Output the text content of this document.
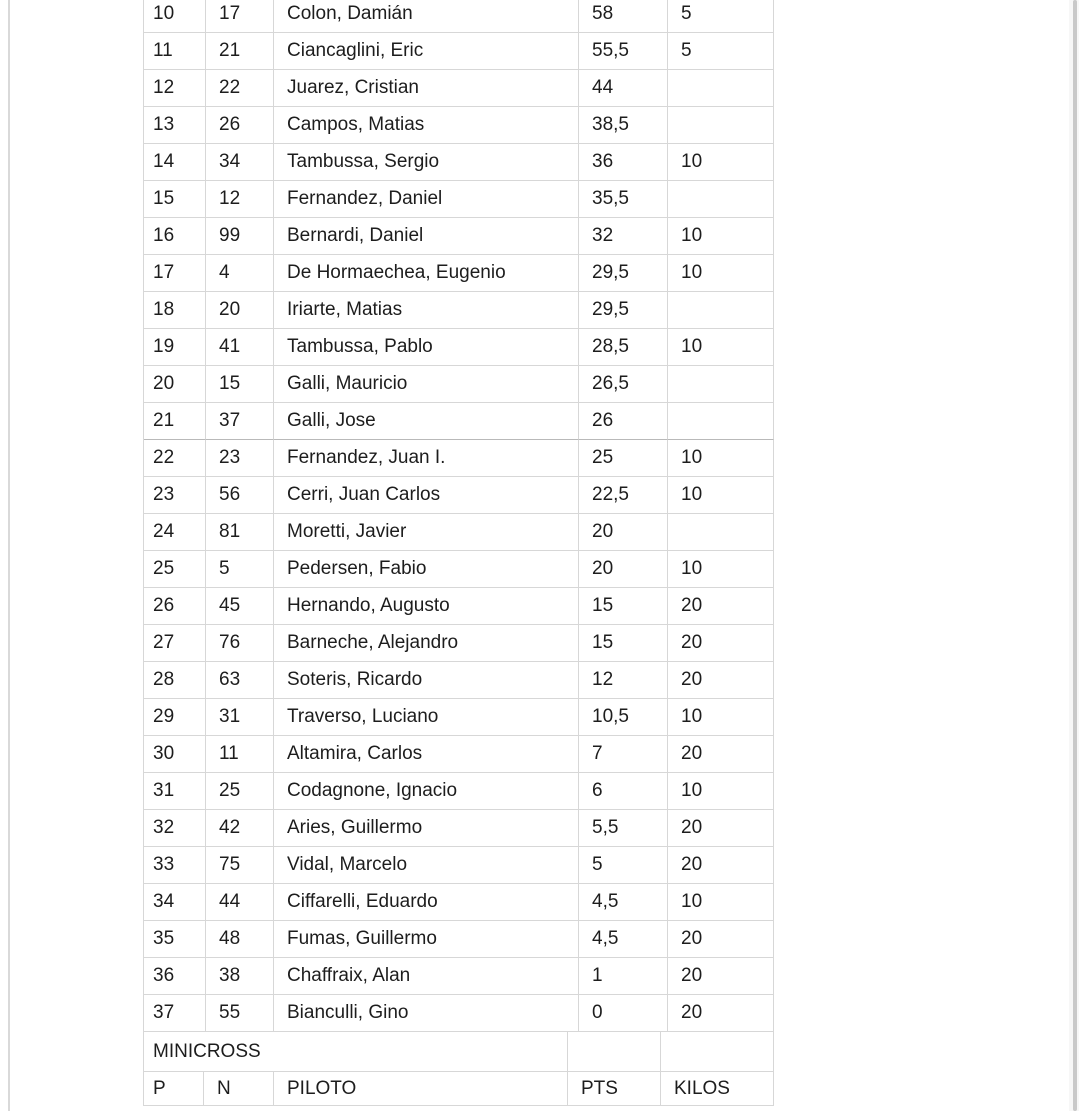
10	17	Colon, Damián	58	5
11	21	Ciancaglini, Eric	55,5	5
12	22	Juarez, Cristian	44
13	26	Campos, Matias	38,5
14	34	Tambussa, Sergio	36	10
15	12	Fernandez, Daniel	35,5
16	99	Bernardi, Daniel	32	10
17	4	De Hormaechea, Eugenio	29,5	10
18	20	Iriarte, Matias	29,5
19	41	Tambussa, Pablo	28,5	10
20	15	Galli, Mauricio	26,5
21	37	Galli, Jose	26
22	23	Fernandez, Juan I.	25	10
23	56	Cerri, Juan Carlos	22,5	10
24	81	Moretti, Javier	20
25	5	Pedersen, Fabio	20	10
26	45	Hernando, Augusto	15	20
27	76	Barneche, Alejandro	15	20
28	63	Soteris, Ricardo	12	20
29	31	Traverso, Luciano	10,5	10
30	11	Altamira, Carlos	7	20
31	25	Codagnone, Ignacio	6	10
32	42	Aries, Guillermo	5,5	20
33	75	Vidal, Marcelo	5	20
34	44	Ciffarelli, Eduardo	4,5	10
35	48	Fumas, Guillermo	4,5	20
36	38	Chaffraix, Alan	1	20
37	55	Bianculli, Gino	0	20
MINICROSS
P	N	PILOTO	PTS	KILOS
